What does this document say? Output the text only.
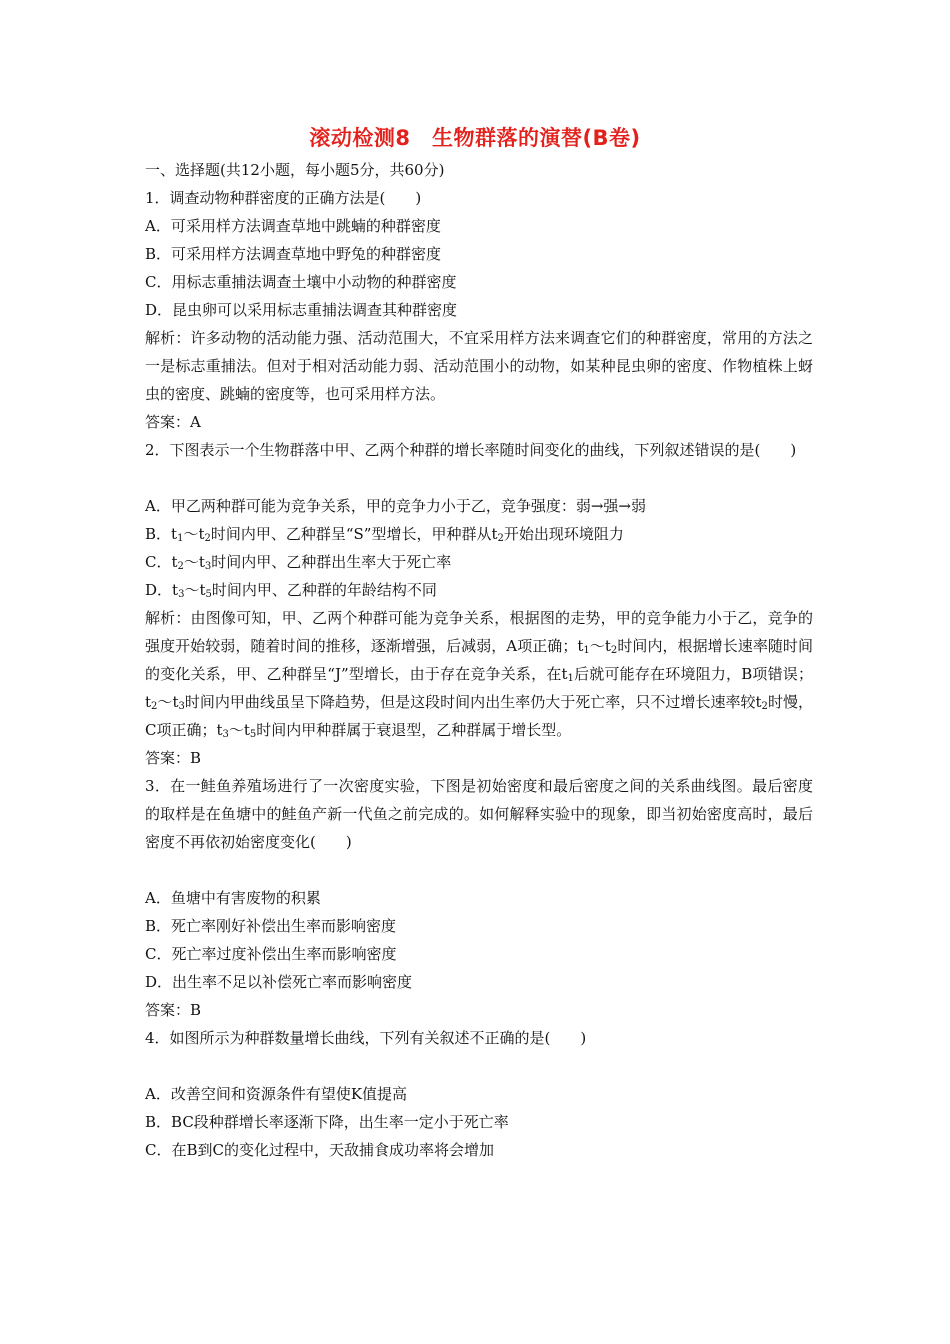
滚动检测8　生物群落的演替(B卷)
一、选择题(共12小题，每小题5分，共60分)
1．调查动物种群密度的正确方法是(　　)
A．可采用样方法调查草地中跳蝻的种群密度
B．可采用样方法调查草地中野兔的种群密度
C．用标志重捕法调查土壤中小动物的种群密度
D．昆虫卵可以采用标志重捕法调查其种群密度
解析：许多动物的活动能力强、活动范围大，不宜采用样方法来调查它们的种群密度，常用的方法之一是标志重捕法。但对于相对活动能力弱、活动范围小的动物，如某种昆虫卵的密度、作物植株上蚜虫的密度、跳蝻的密度等，也可采用样方法。
答案：A
2．下图表示一个生物群落中甲、乙两个种群的增长率随时间变化的曲线，下列叙述错误的是(　　)
A．甲乙两种群可能为竞争关系，甲的竞争力小于乙，竞争强度：弱→强→弱
B．$t_1\sim t_2$时间内甲、乙种群呈“S”型增长，甲种群从$t_2$开始出现环境阻力
C．$t_2\sim t_3$时间内甲、乙种群出生率大于死亡率
D．$t_3\sim t_5$时间内甲、乙种群的年龄结构不同
解析：由图像可知，甲、乙两个种群可能为竞争关系，根据图的走势，甲的竞争能力小于乙，竞争的强度开始较弱，随着时间的推移，逐渐增强，后减弱，A项正确；$t_1\sim t_2$时间内，根据增长速率随时间的变化关系，甲、乙种群呈“J”型增长，由于存在竞争关系，在$t_1$后就可能存在环境阻力，B项错误；$t_2\sim t_3$时间内甲曲线虽呈下降趋势，但是这段时间内出生率仍大于死亡率，只不过增长速率较$t_2$时慢，C项正确；$t_3\sim t_5$时间内甲种群属于衰退型，乙种群属于增长型。
答案：B
3．在一鲑鱼养殖场进行了一次密度实验，下图是初始密度和最后密度之间的关系曲线图。最后密度的取样是在鱼塘中的鲑鱼产新一代鱼之前完成的。如何解释实验中的现象，即当初始密度高时，最后密度不再依初始密度变化(　　)
A．鱼塘中有害废物的积累
B．死亡率刚好补偿出生率而影响密度
C．死亡率过度补偿出生率而影响密度
D．出生率不足以补偿死亡率而影响密度
答案：B
4．如图所示为种群数量增长曲线，下列有关叙述不正确的是(　　)
A．改善空间和资源条件有望使K值提高
B．BC段种群增长率逐渐下降，出生率一定小于死亡率
C．在B到C的变化过程中，天敌捕食成功率将会增加
